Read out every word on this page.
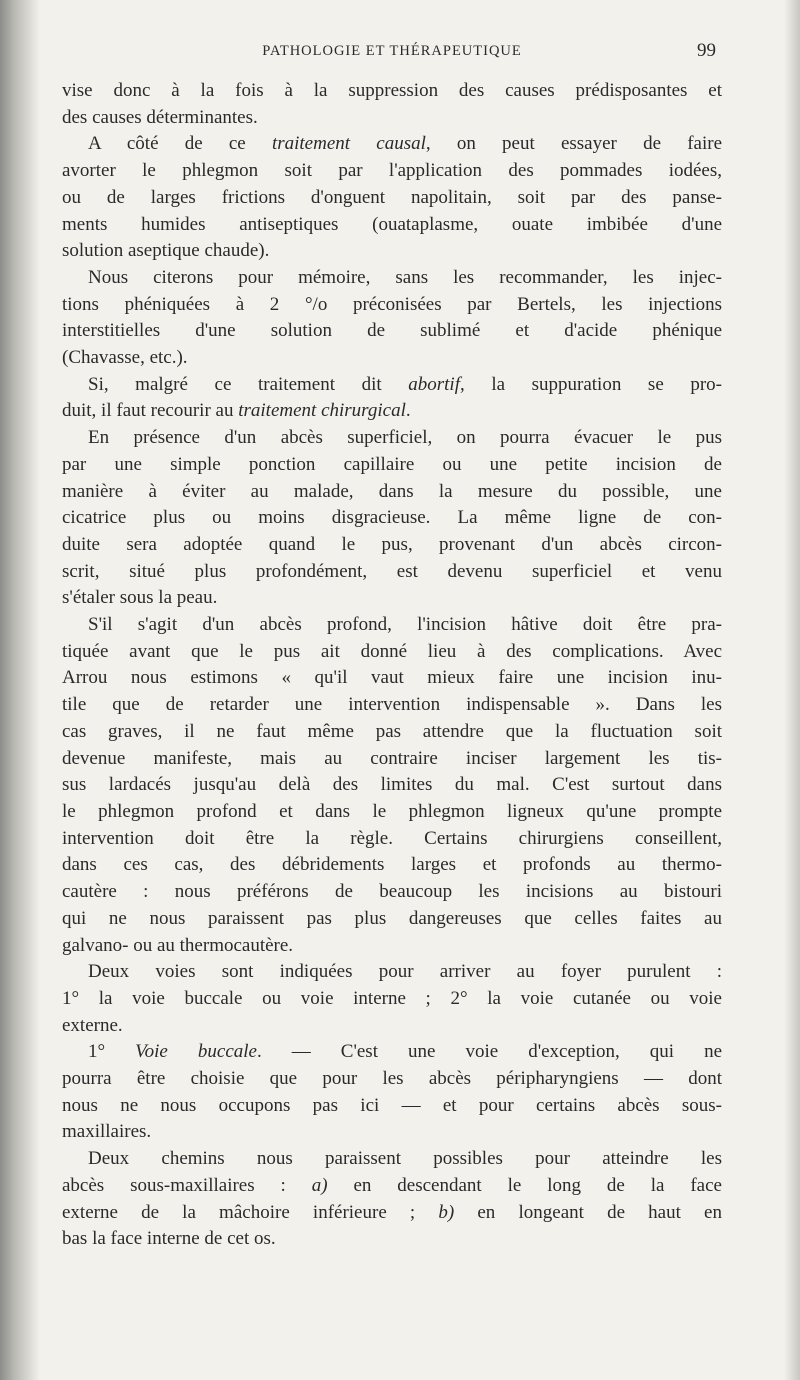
PATHOLOGIE ET THÉRAPEUTIQUE	99

vise donc à la fois à la suppression des causes prédisposantes et
des causes déterminantes.

A côté de ce traitement causal, on peut essayer de faire
avorter le phlegmon soit par l'application des pommades iodées,
ou de larges frictions d'onguent napolitain, soit par des panse-
ments humides antiseptiques (ouataplasme, ouate imbibée d'une
solution aseptique chaude).

Nous citerons pour mémoire, sans les recommander, les injec-
tions phéniquées à 2 °/o préconisées par Bertels, les injections
interstitielles d'une solution de sublimé et d'acide phénique
(Chavasse, etc.).

Si, malgré ce traitement dit abortif, la suppuration se pro-
duit, il faut recourir au traitement chirurgical.

En présence d'un abcès superficiel, on pourra évacuer le pus
par une simple ponction capillaire ou une petite incision de
manière à éviter au malade, dans la mesure du possible, une
cicatrice plus ou moins disgracieuse. La même ligne de con-
duite sera adoptée quand le pus, provenant d'un abcès circon-
scrit, situé plus profondément, est devenu superficiel et venu
s'étaler sous la peau.

S'il s'agit d'un abcès profond, l'incision hâtive doit être pra-
tiquée avant que le pus ait donné lieu à des complications. Avec
Arrou nous estimons « qu'il vaut mieux faire une incision inu-
tile que de retarder une intervention indispensable ». Dans les
cas graves, il ne faut même pas attendre que la fluctuation soit
devenue manifeste, mais au contraire inciser largement les tis-
sus lardacés jusqu'au delà des limites du mal. C'est surtout dans
le phlegmon profond et dans le phlegmon ligneux qu'une prompte
intervention doit être la règle. Certains chirurgiens conseillent,
dans ces cas, des débridements larges et profonds au thermo-
cautère : nous préférons de beaucoup les incisions au bistouri
qui ne nous paraissent pas plus dangereuses que celles faites au
galvano- ou au thermocautère.

Deux voies sont indiquées pour arriver au foyer purulent :
1° la voie buccale ou voie interne ; 2° la voie cutanée ou voie
externe.

1° Voie buccale. — C'est une voie d'exception, qui ne
pourra être choisie que pour les abcès péripharyngiens — dont
nous ne nous occupons pas ici — et pour certains abcès sous-
maxillaires.

Deux chemins nous paraissent possibles pour atteindre les
abcès sous-maxillaires : a) en descendant le long de la face
externe de la mâchoire inférieure ; b) en longeant de haut en
bas la face interne de cet os.
